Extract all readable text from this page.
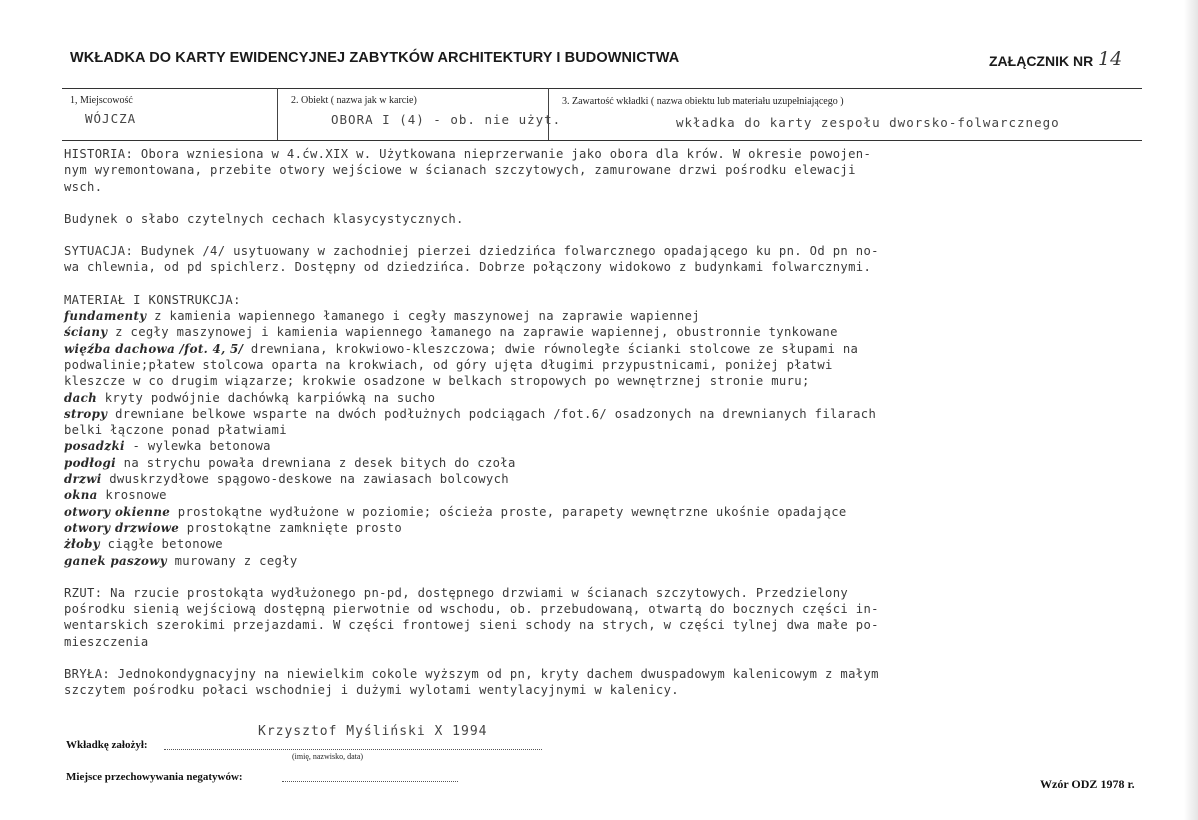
WKŁADKA DO KARTY EWIDENCYJNEJ ZABYTKÓW ARCHITEKTURY I BUDOWNICTWA	ZAŁĄCZNIK NR 14
1, Miejscowość
WÓJCZA
2. Obiekt ( nazwa jak w karcie)
OBORA I (4) - ob. nie użyt.
3. Zawartość wkładki ( nazwa obiektu lub materiału uzupełniającego )
wkładka do karty zespołu dworsko-folwarcznego

HISTORIA: Obora wzniesiona w 4.ćw.XIX w. Użytkowana nieprzerwanie jako obora dla krów. W okresie powojen-

nym wyremontowana, przebite otwory wejściowe w ścianach szczytowych, zamurowane drzwi pośrodku elewacji

wsch.

Budynek o słabo czytelnych cechach klasycystycznych.

SYTUACJA: Budynek /4/ usytuowany w zachodniej pierzei dziedzińca folwarcznego opadającego ku pn. Od pn no-

wa chlewnia, od pd spichlerz. Dostępny od dziedzińca. Dobrze połączony widokowo z budynkami folwarcznymi.

MATERIAŁ I KONSTRUKCJA:

fundamenty z kamienia wapiennego łamanego i cegły maszynowej na zaprawie wapiennej

ściany z cegły maszynowej i kamienia wapiennego łamanego na zaprawie wapiennej, obustronnie tynkowane

więźba dachowa /fot. 4, 5/ drewniana, krokwiowo-kleszczowa; dwie równoległe ścianki stolcowe ze słupami na

podwalinie;płatew stolcowa oparta na krokwiach, od góry ujęta długimi przypustnicami, poniżej płatwi

kleszcze w co drugim wiązarze; krokwie osadzone w belkach stropowych po wewnętrznej stronie muru;

dach kryty podwójnie dachówką karpiówką na sucho

stropy drewniane belkowe wsparte na dwóch podłużnych podciągach /fot.6/ osadzonych na drewnianych filarach

belki łączone ponad płatwiami

posadzki - wylewka betonowa

podłogi na strychu powała drewniana z desek bitych do czoła

drzwi dwuskrzydłowe spągowo-deskowe na zawiasach bolcowych

okna krosnowe

otwory okienne prostokątne wydłużone w poziomie; ościeża proste, parapety wewnętrzne ukośnie opadające

otwory drzwiowe prostokątne zamknięte prosto

żłoby ciągłe betonowe

ganek paszowy murowany z cegły

RZUT: Na rzucie prostokąta wydłużonego pn-pd, dostępnego drzwiami w ścianach szczytowych. Przedzielony

pośrodku sienią wejściową dostępną pierwotnie od wschodu, ob. przebudowaną, otwartą do bocznych części in-

wentarskich szerokimi przejazdami. W części frontowej sieni schody na strych, w części tylnej dwa małe po-

mieszczenia

BRYŁA: Jednokondygnacyjny na niewielkim cokole wyższym od pn, kryty dachem dwuspadowym kalenicowym z małym

szczytem pośrodku połaci wschodniej i dużymi wylotami wentylacyjnymi w kalenicy.

Krzysztof Myśliński X 1994
Wkładkę założył:
(imię, nazwisko, data)
Miejsce przechowywania negatywów:	Wzór ODZ 1978 r.
